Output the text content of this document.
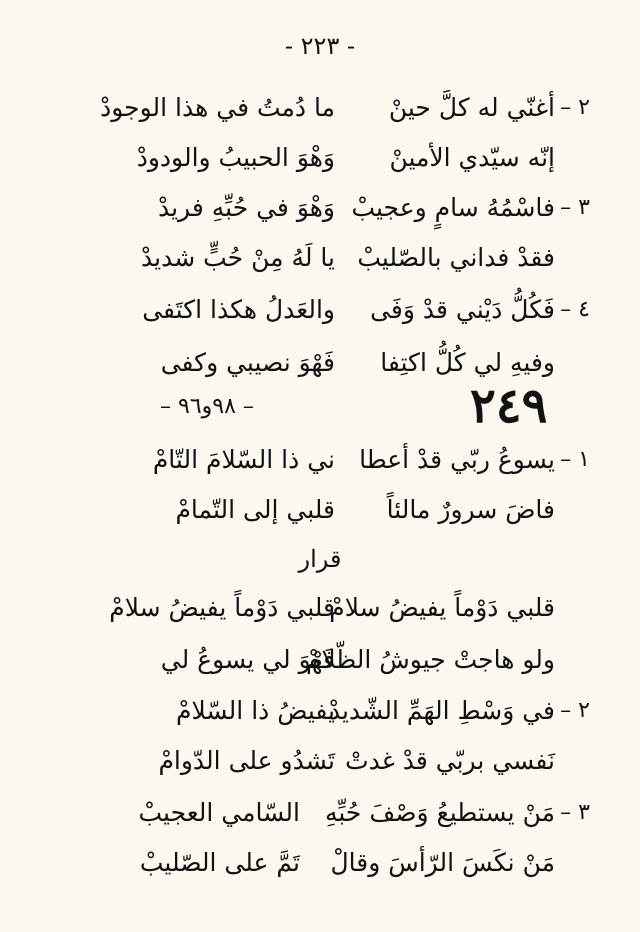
- ٢٢٣ -
٢ –
أغنّي له كلَّ حينْ
ما دُمتُ في هذا الوجودْ
إنّه سيّدي الأمينْ
وَهْوَ الحبيبُ والودودْ
٣ –
فاسْمُهُ سامٍ وعجيبْ
وَهْوَ في حُبِّهِ فريدْ
فقدْ فداني بالصّليبْ
يا لَهُ مِنْ حُبٍّ شديدْ
٤ –
فَكُلُّ دَيْني قدْ وَفَى
والعَدلُ هكذا اكتَفى
وفيهِ لي كُلُّ اكتِفا
فَهْوَ نصيبي وكفى
– ٩٨و٩٦ –	٢٤٩
١ –
يسوعُ ربّي قدْ أعطا
ني ذا السّلامَ التّامْ
فاضَ سرورٌ مالئاً
قلبي إلى التّمامْ
قرار
قلبي دَوْماً يفيضُ سلامْ
قلبي دَوْماً يفيضُ سلامْ
ولو هاجتْ جيوشُ الظّلامْ
فَهْوَ لي يسوعُ لي
٢ –
في وَسْطِ الهَمِّ الشّديدْ
يفيضُ ذا السّلامْ
نَفسي بربّي قدْ غدتْ
تَشدُو على الدّوامْ
٣ –
مَنْ يستطيعُ وَصْفَ حُبِّهِ
السّامي العجيبْ
مَنْ نكَسَ الرّأسَ وقالْ
تَمَّ على الصّليبْ
